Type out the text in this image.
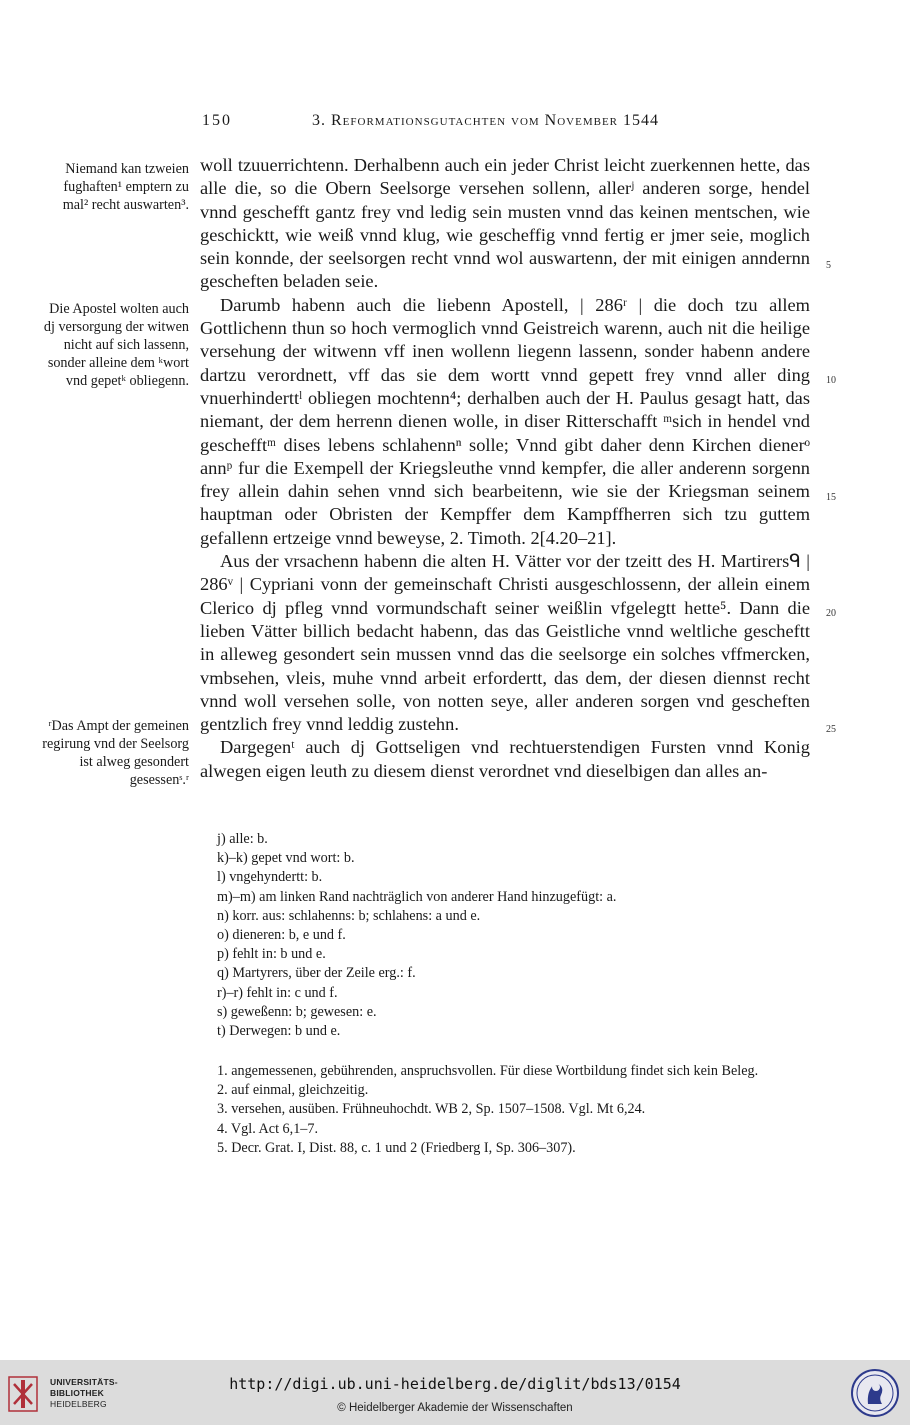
150	3. Reformationsgutachten vom November 1544
Niemand kan tzweien fughaften¹ emptern zu mal² recht auswarten³.
Die Apostel wolten auch dj versorgung der witwen nicht auf sich lassenn, sonder alleine dem ᵏwort vnd gepetᵏ obliegenn.
ʳDas Ampt der gemeinen regirung vnd der Seelsorg ist alweg gesondert gesessenˢ.ʳ
5
10
15
20
25

woll tzuuerrichtenn. Derhalbenn auch ein jeder Christ leicht zuerkennen hette, das alle die, so die Obern Seelsorge versehen sollenn, allerʲ anderen sorge, hendel vnnd geschefft gantz frey vnd ledig sein musten vnnd das keinen mentschen, wie geschicktt, wie weiß vnnd klug, wie gescheffig vnnd fertig er jmer seie, moglich sein konnde, der seelsorgen recht vnnd wol auswartenn, der mit einigen anndernn gescheften beladen seie.

Darumb habenn auch die liebenn Apostell, | 286ʳ | die doch tzu allem Gottlichenn thun so hoch vermoglich vnnd Geistreich warenn, auch nit die heilige versehung der witwenn vff inen wollenn liegenn lassenn, sonder habenn andere dartzu verordnett, vff das sie dem wortt vnnd gepett frey vnnd aller ding vnuerhinderttˡ obliegen mochtenn⁴; derhalben auch der H. Paulus gesagt hatt, das niemant, der dem herrenn dienen wolle, in diser Ritterschafft ᵐsich in hendel vnd geschefftᵐ dises lebens schlahennⁿ solle; Vnnd gibt daher denn Kirchen dienerᵒ annᵖ fur die Exempell der Kriegsleuthe vnnd kempfer, die aller anderenn sorgenn frey allein dahin sehen vnnd sich bearbeitenn, wie sie der Kriegsman seinem hauptman oder Obristen der Kempffer dem Kampffherren sich tzu guttem gefallenn ertzeige vnnd beweyse, 2. Timoth. 2[4.20–21].

Aus der vrsachenn habenn die alten H. Vätter vor der tzeitt des H. Martirersᑫ | 286ᵛ | Cypriani vonn der gemeinschaft Christi ausgeschlossenn, der allein einem Clerico dj pfleg vnnd vormundschaft seiner weißlin vfgelegtt hette⁵. Dann die lieben Vätter billich bedacht habenn, das das Geistliche vnnd weltliche gescheftt in alleweg gesondert sein mussen vnnd das die seelsorge ein solches vffmercken, vmbsehen, vleis, muhe vnnd arbeit erfordertt, das dem, der diesen diennst recht vnnd woll versehen solle, von notten seye, aller anderen sorgen vnd gescheften gentzlich frey vnnd leddig zustehn.

Dargegenᵗ auch dj Gottseligen vnd rechtuerstendigen Fursten vnnd Konig alwegen eigen leuth zu diesem dienst verordnet vnd dieselbigen dan alles an-

j) alle: b.
k)–k) gepet vnd wort: b.
l) vngehyndertt: b.
m)–m) am linken Rand nachträglich von anderer Hand hinzugefügt: a.
n) korr. aus: schlahenns: b; schlahens: a und e.
o) dieneren: b, e und f.
p) fehlt in: b und e.
q) Martyrers, über der Zeile erg.: f.
r)–r) fehlt in: c und f.
s) geweßenn: b; gewesen: e.
t) Derwegen: b und e.
1. angemessenen, gebührenden, anspruchsvollen. Für diese Wortbildung findet sich kein Beleg.
2. auf einmal, gleichzeitig.
3. versehen, ausüben. Frühneuhochdt. WB 2, Sp. 1507–1508. Vgl. Mt 6,24.
4. Vgl. Act 6,1–7.
5. Decr. Grat. I, Dist. 88, c. 1 und 2 (Friedberg I, Sp. 306–307).
UNIVERSITÄTS-
BIBLIOTHEK
HEIDELBERG
http://digi.ub.uni-heidelberg.de/diglit/bds13/0154
© Heidelberger Akademie der Wissenschaften
